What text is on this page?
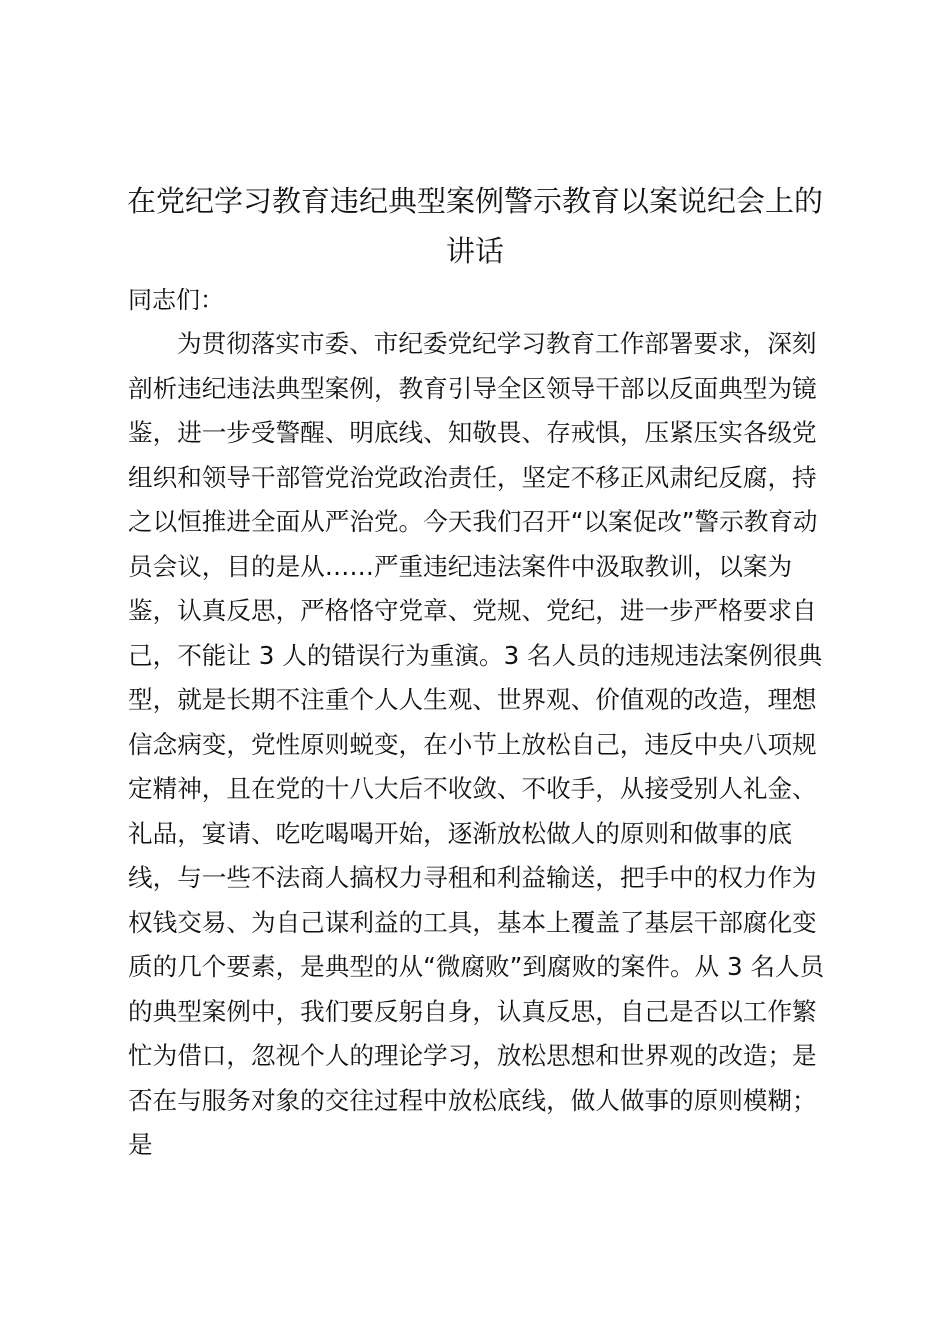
在党纪学习教育违纪典型案例警示教育以案说纪会上的
讲话

同志们：

为贯彻落实市委、市纪委党纪学习教育工作部署要求，深刻
剖析违纪违法典型案例，教育引导全区领导干部以反面典型为镜
鉴，进一步受警醒、明底线、知敬畏、存戒惧，压紧压实各级党
组织和领导干部管党治党政治责任，坚定不移正风肃纪反腐，持
之以恒推进全面从严治党。今天我们召开“以案促改”警示教育动
员会议，目的是从……严重违纪违法案件中汲取教训，以案为
鉴，认真反思，严格恪守党章、党规、党纪，进一步严格要求自
己，不能让 3 人的错误行为重演。3 名人员的违规违法案例很典
型，就是长期不注重个人人生观、世界观、价值观的改造，理想
信念病变，党性原则蜕变，在小节上放松自己，违反中央八项规
定精神，且在党的十八大后不收敛、不收手，从接受别人礼金、
礼品，宴请、吃吃喝喝开始，逐渐放松做人的原则和做事的底
线，与一些不法商人搞权力寻租和利益输送，把手中的权力作为
权钱交易、为自己谋利益的工具，基本上覆盖了基层干部腐化变
质的几个要素，是典型的从“微腐败”到腐败的案件。从 3 名人员
的典型案例中，我们要反躬自身，认真反思，自己是否以工作繁
忙为借口，忽视个人的理论学习，放松思想和世界观的改造；是
否在与服务对象的交往过程中放松底线，做人做事的原则模糊；
是
